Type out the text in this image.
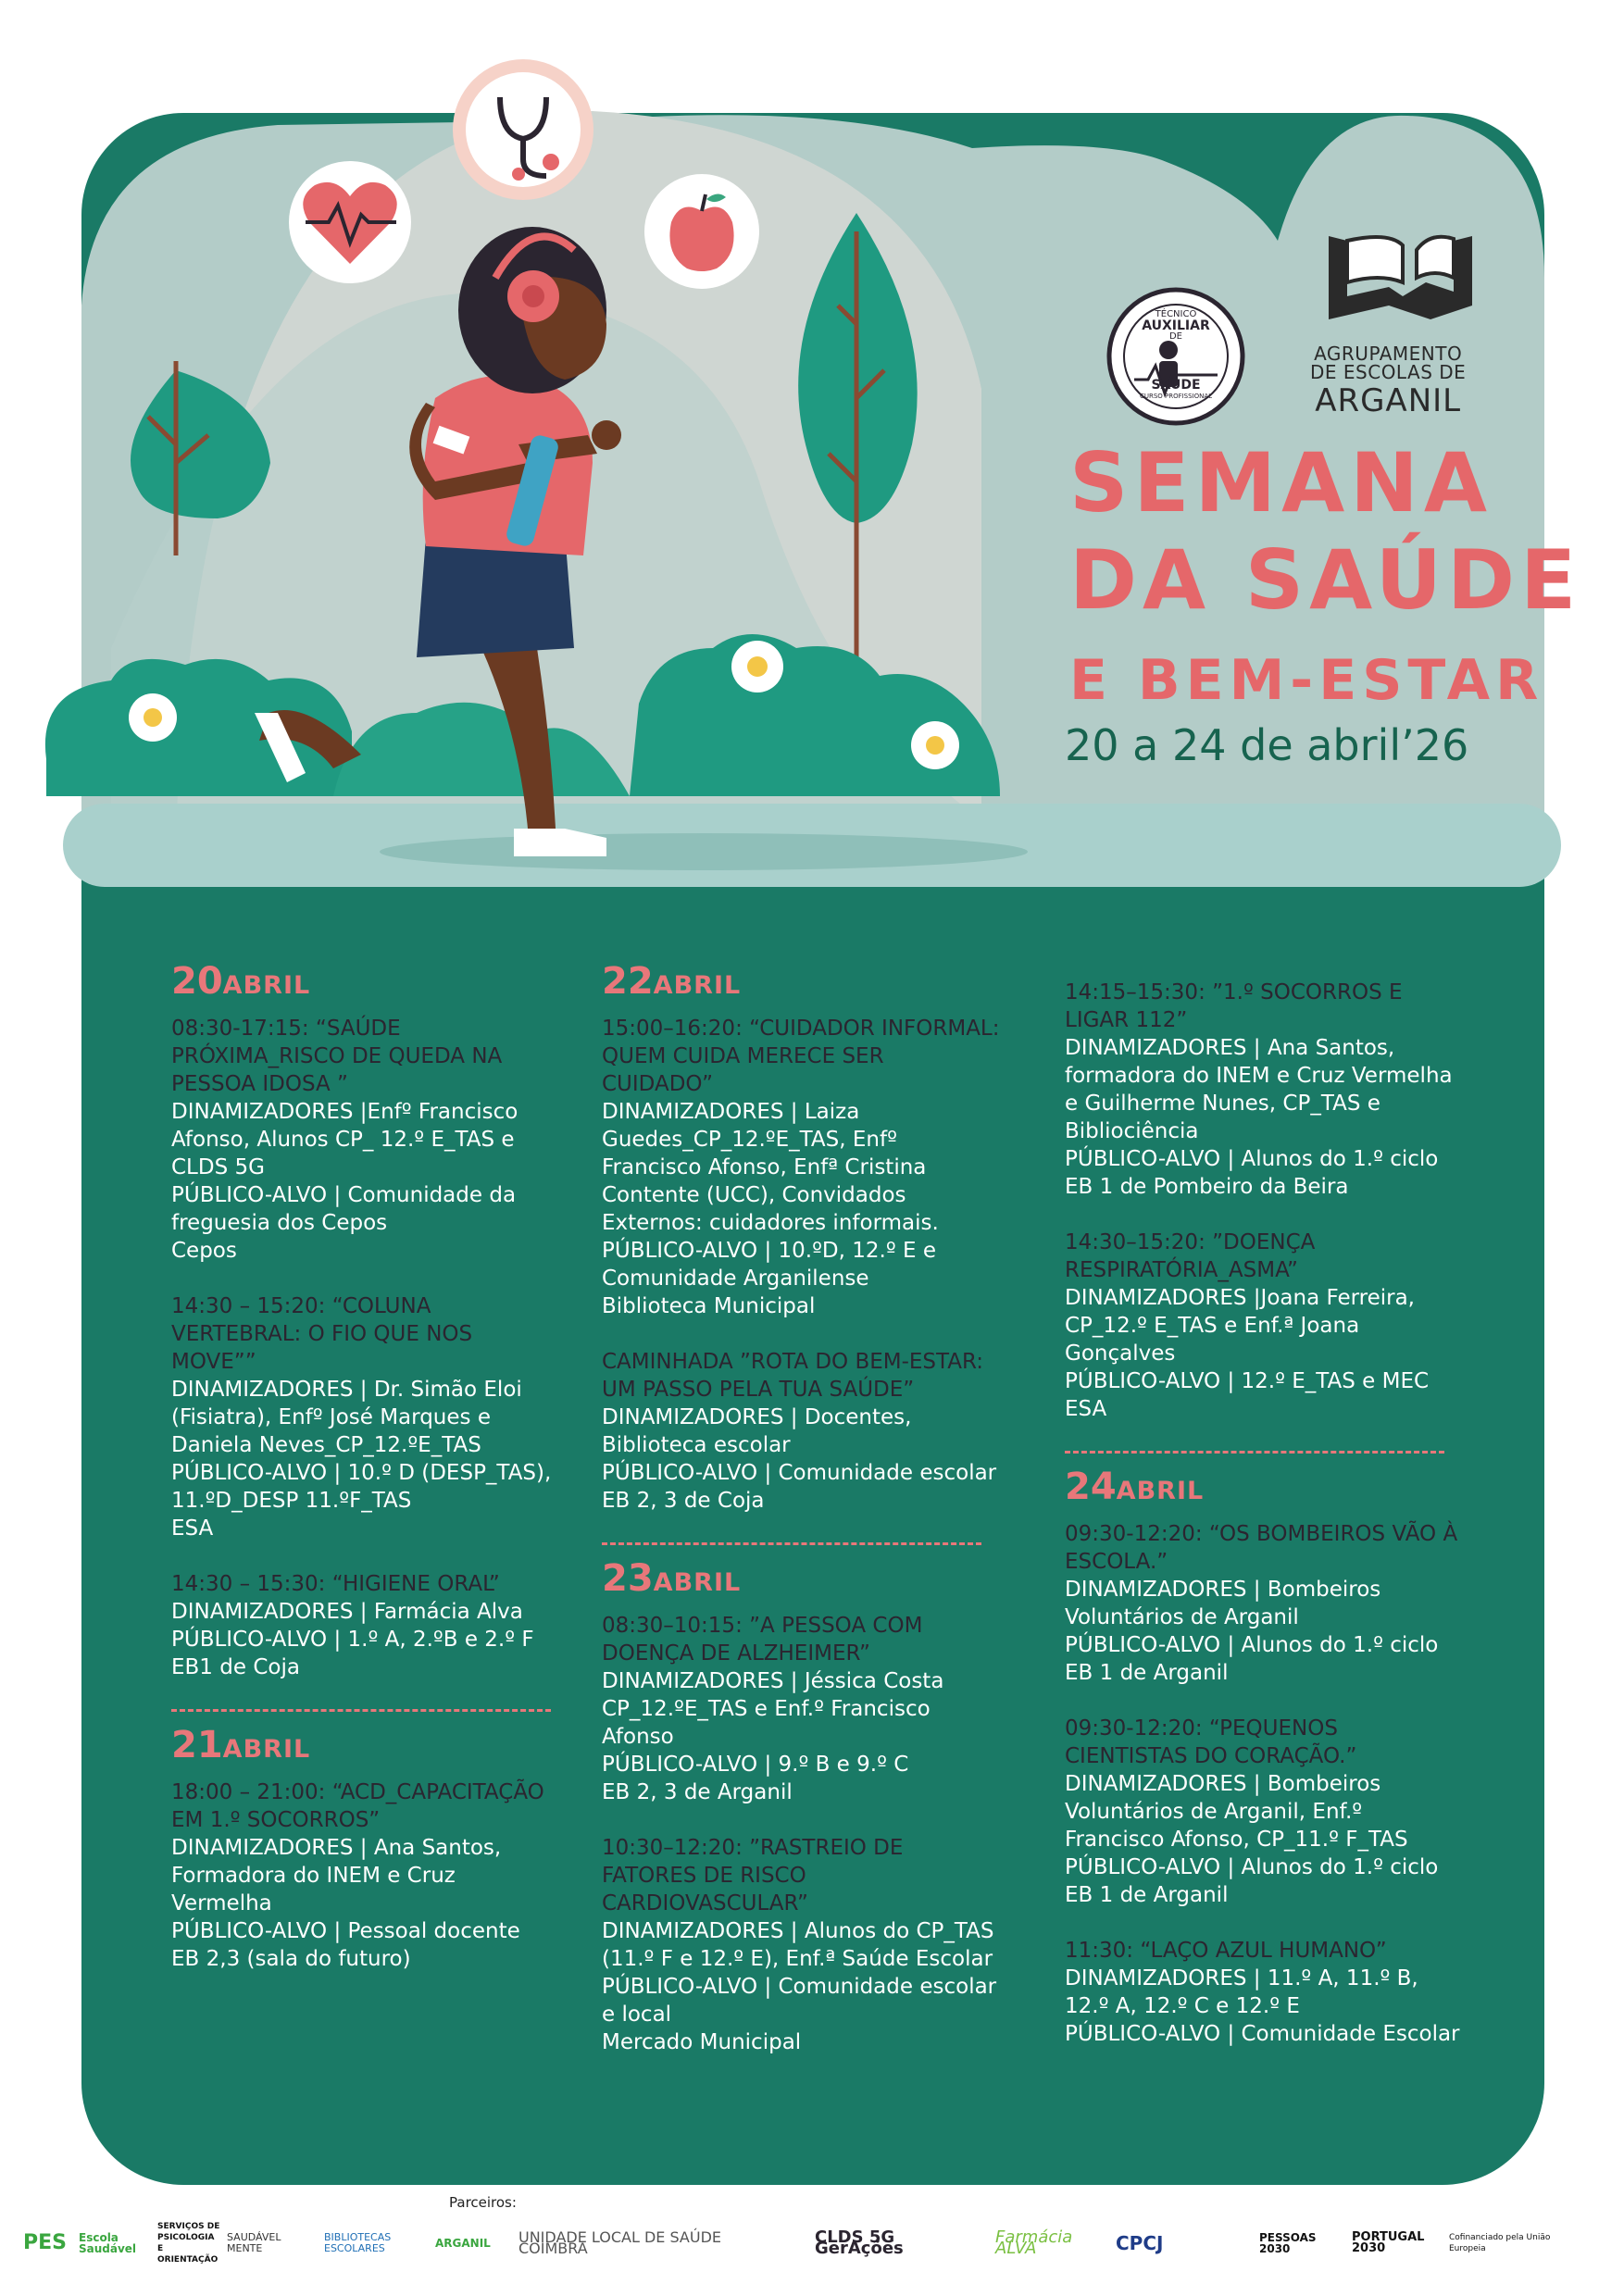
TÉCNICO
AUXILIAR
DE
SAÚDE
CURSO PROFISSIONAL
AGRUPAMENTO
DE ESCOLAS DE
ARGANIL
SEMANA
DA SAÚDE
E BEM-ESTAR
20 a 24 de abril’26
20ABRIL
08:30-17:15: “SAÚDE PRÓXIMA_RISCO DE QUEDA NA PESSOA IDOSA ”
DINAMIZADORES |Enfº Francisco Afonso, Alunos CP_ 12.º E_TAS e CLDS 5G
PÚBLICO-ALVO | Comunidade da freguesia dos Cepos
Cepos
14:30 – 15:20: “COLUNA VERTEBRAL: O FIO QUE NOS MOVE””
DINAMIZADORES | Dr. Simão Eloi (Fisiatra), Enfº José Marques e Daniela Neves_CP_12.ºE_TAS
PÚBLICO-ALVO | 10.º D (DESP_TAS), 11.ºD_DESP 11.ºF_TAS
ESA
14:30 – 15:30: “HIGIENE ORAL”
DINAMIZADORES | Farmácia Alva
PÚBLICO-ALVO | 1.º A, 2.ºB e 2.º F
EB1 de Coja
21ABRIL
18:00 – 21:00: “ACD_CAPACITAÇÃO EM 1.º SOCORROS”
DINAMIZADORES | Ana Santos, Formadora do INEM e Cruz Vermelha
PÚBLICO-ALVO | Pessoal docente
EB 2,3 (sala do futuro)
22ABRIL
15:00–16:20: “CUIDADOR INFORMAL: QUEM CUIDA MERECE SER CUIDADO”
DINAMIZADORES | Laiza Guedes_CP_12.ºE_TAS, Enfº Francisco Afonso, Enfª Cristina Contente (UCC), Convidados Externos: cuidadores informais.
PÚBLICO-ALVO | 10.ºD, 12.º E e Comunidade Arganilense
Biblioteca Municipal
CAMINHADA ”ROTA DO BEM-ESTAR: UM PASSO PELA TUA SAÚDE”
DINAMIZADORES | Docentes, Biblioteca escolar
PÚBLICO-ALVO | Comunidade escolar
EB 2, 3 de Coja
23ABRIL
08:30–10:15: ”A PESSOA COM DOENÇA DE ALZHEIMER”
DINAMIZADORES | Jéssica Costa CP_12.ºE_TAS e Enf.º Francisco Afonso
PÚBLICO-ALVO | 9.º B e 9.º C
EB 2, 3 de Arganil
10:30–12:20: ”RASTREIO DE FATORES DE RISCO CARDIOVASCULAR”
DINAMIZADORES | Alunos do CP_TAS (11.º F e 12.º E), Enf.ª Saúde Escolar
PÚBLICO-ALVO | Comunidade escolar e local
Mercado Municipal
14:15–15:30: ”1.º SOCORROS E LIGAR 112”
DINAMIZADORES | Ana Santos, formadora do INEM e Cruz Vermelha e Guilherme Nunes, CP_TAS e Bibliociência
PÚBLICO-ALVO | Alunos do 1.º ciclo
EB 1 de Pombeiro da Beira
14:30–15:20: ”DOENÇA RESPIRATÓRIA_ASMA”
DINAMIZADORES |Joana Ferreira, CP_12.º E_TAS e Enf.ª Joana Gonçalves
PÚBLICO-ALVO | 12.º E_TAS e MEC
ESA
24ABRIL
09:30-12:20: “OS BOMBEIROS VÃO À ESCOLA.”
DINAMIZADORES | Bombeiros Voluntários de Arganil
PÚBLICO-ALVO | Alunos do 1.º ciclo
EB 1 de Arganil
09:30-12:20: “PEQUENOS CIENTISTAS DO CORAÇÃO.”
DINAMIZADORES | Bombeiros Voluntários de Arganil, Enf.º Francisco Afonso, CP_11.º F_TAS
PÚBLICO-ALVO | Alunos do 1.º ciclo
EB 1 de Arganil
11:30: “LAÇO AZUL HUMANO”
DINAMIZADORES | 11.º A, 11.º B, 12.º A, 12.º C e 12.º E
PÚBLICO-ALVO | Comunidade Escolar
Parceiros:
PES Escola Saudável
SERVIÇOS DE PSICOLOGIA E ORIENTAÇÃO
SAUDÁVEL MENTE
BIBLIOTECAS ESCOLARES	ARGANIL UNIDADE LOCAL DE SAÚDE COIMBRA
CLDS 5G GerAções
Farmácia ALVA	CPCJ	PESSOAS 2030
PORTUGAL 2030
Cofinanciado pela União Europeia
